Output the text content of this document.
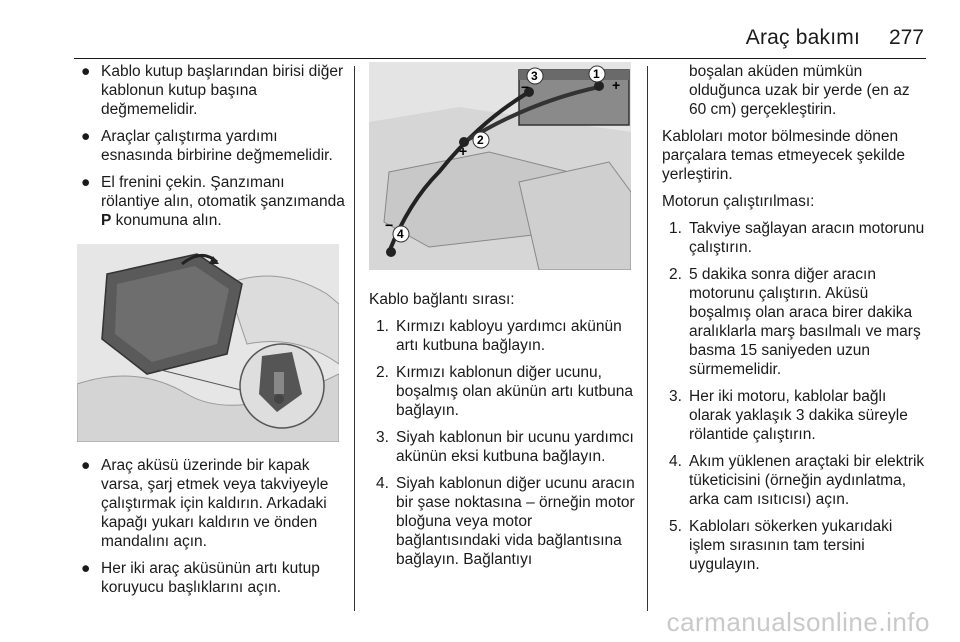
Araç bakımı 277
● Kablo kutup başlarından birisi diğer kablonun kutup başına değmemelidir.
● Araçlar çalıştırma yardımı esnasında birbirine değmemelidir.
● El frenini çekin. Şanzımanı rölantiye alın, otomatik şanzımanda P konumuna alın.
● Araç aküsü üzerinde bir kapak varsa, şarj etmek veya takviyeyle çalıştırmak için kaldırın. Arkadaki kapağı yukarı kaldırın ve önden mandalını açın.
● Her iki araç aküsünün artı kutup koruyucu başlıklarını açın.
1
+
3
−
2
+
4
−
Kablo bağlantı sırası:
1. Kırmızı kabloyu yardımcı akünün artı kutbuna bağlayın.
2. Kırmızı kablonun diğer ucunu, boşalmış olan akünün artı kutbuna bağlayın.
3. Siyah kablonun bir ucunu yardımcı akünün eksi kutbuna bağlayın.
4. Siyah kablonun diğer ucunu aracın bir şase noktasına – örneğin motor bloğuna veya motor bağlantısındaki vida bağlantısına bağlayın. Bağlantıyı
boşalan aküden mümkün olduğunca uzak bir yerde (en az 60 cm) gerçekleştirin.
Kabloları motor bölmesinde dönen parçalara temas etmeyecek şekilde yerleştirin.
Motorun çalıştırılması:
1. Takviye sağlayan aracın motorunu çalıştırın.
2. 5 dakika sonra diğer aracın motorunu çalıştırın. Aküsü boşalmış olan araca birer dakika aralıklarla marş basılmalı ve marş basma 15 saniyeden uzun sürmemelidir.
3. Her iki motoru, kablolar bağlı olarak yaklaşık 3 dakika süreyle rölantide çalıştırın.
4. Akım yüklenen araçtaki bir elektrik tüketicisini (örneğin aydınlatma, arka cam ısıtıcısı) açın.
5. Kabloları sökerken yukarıdaki işlem sırasının tam tersini uygulayın.
carmanualsonline.info
